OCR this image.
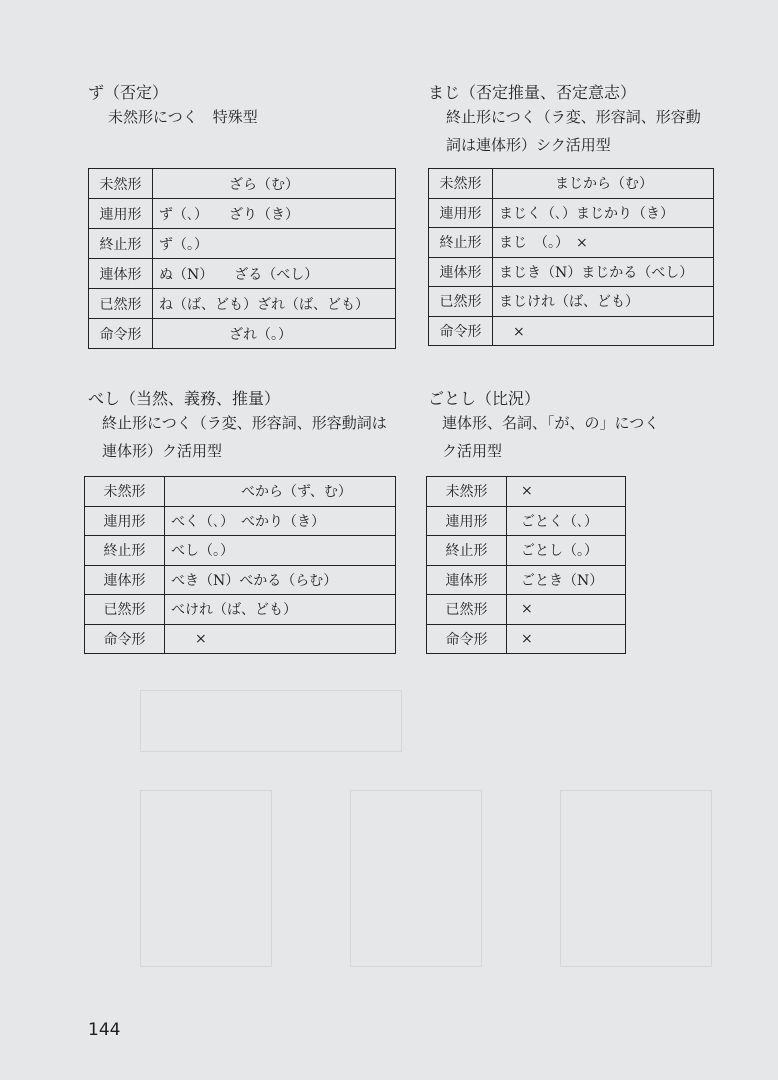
ず（否定）
未然形につく　特殊型
未然形	　　　　　ざら（む）
連用形	ず（､）　　ざり（き）
終止形	ず（｡）
連体形	ぬ（N）　　ざる（べし）
已然形	ね（ば、ども）ざれ（ば、ども）
命令形	　　　　　ざれ（｡）
まじ（否定推量、否定意志）
終止形につく（ラ変、形容詞、形容動
詞は連体形）シク活用型
未然形	　　　　まじから（む）
連用形	まじく（､）まじかり（き）
終止形	まじ　（｡）　×
連体形	まじき（N）まじかる（べし）
已然形	まじけれ（ば、ども）
命令形	　×
べし（当然、義務、推量）
終止形につく（ラ変、形容詞、形容動詞は
連体形）ク活用型
未然形	　　　　　べから（ず、む）
連用形	べく（､）　べかり（き）
終止形	べし（｡）
連体形	べき（N）べかる（らむ）
已然形	べけれ（ば、ども）
命令形	×
ごとし（比況）
連体形、名詞、「が、の」につく
ク活用型
未然形	×
連用形	ごとく（､）
終止形	ごとし（｡）
連体形	ごとき（N）
已然形	×
命令形	×
144
